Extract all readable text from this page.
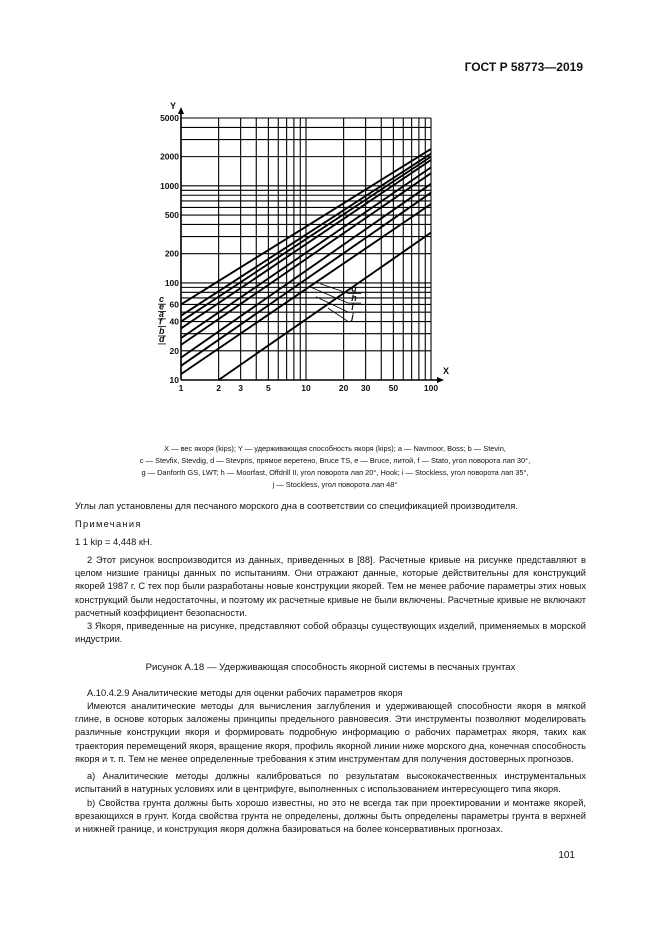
ГОСТ Р 58773—2019
Y
X
1	2 3	5	10	20 30 50	100
10
20
40
60
100
200
500
1000
2000
5000
c
e
a
f
b
d
g
h
i
j
X — вес якоря (kips); Y — удерживающая способность якоря (kips); a — Navmoor, Boss; b — Stevin,
c — Stevfix, Stevdig, d — Stevpris, прямое веретено, Bruce TS, e — Bruce, литой, f — Stato, угол поворота лап 30°,
g — Danforth GS, LWT; h — Moorfast, Offdrill II, угол поворота лап 20°, Hook; i — Stockless, угол поворота лап 35°,
j — Stockless, угол поворота лап 48°
Углы лап установлены для песчаного морского дна в соответствии со спецификацией производителя.
Примечания
1 1 kip = 4,448 кН.
2 Этот рисунок воспроизводится из данных, приведенных в [88]. Расчетные кривые на рисунке представляют в целом низшие границы данных по испытаниям. Они отражают данные, которые действительны для конструкций якорей 1987 г. С тех пор были разработаны новые конструкции якорей. Тем не менее рабочие параметры этих новых конструкций были недостаточны, и поэтому их расчетные кривые не были включены. Расчетные кривые не включают расчетный коэффициент безопасности.
3 Якоря, приведенные на рисунке, представляют собой образцы существующих изделий, применяемых в морской индустрии.
Рисунок А.18 — Удерживающая способность якорной системы в песчаных грунтах
А.10.4.2.9 Аналитические методы для оценки рабочих параметров якоря
Имеются аналитические методы для вычисления заглубления и удерживающей способности якоря в мягкой глине, в основе которых заложены принципы предельного равновесия. Эти инструменты позволяют моделировать различные конструкции якоря и формировать подробную информацию о рабочих параметрах якоря, таких как траектория перемещений якоря, вращение якоря, профиль якорной линии ниже морского дна, конечная способность якоря и т. п. Тем не менее определенные требования к этим инструментам для получения достоверных прогнозов.
а) Аналитические методы должны калиброваться по результатам высококачественных инструментальных испытаний в натурных условиях или в центрифуге, выполненных с использованием интересующего типа якоря.
b) Свойства грунта должны быть хорошо известны, но это не всегда так при проектировании и монтаже якорей, врезающихся в грунт. Когда свойства грунта не определены, должны быть определены параметры грунта в верхней и нижней границе, и конструкция якоря должна базироваться на более консервативных прогнозах.
101
